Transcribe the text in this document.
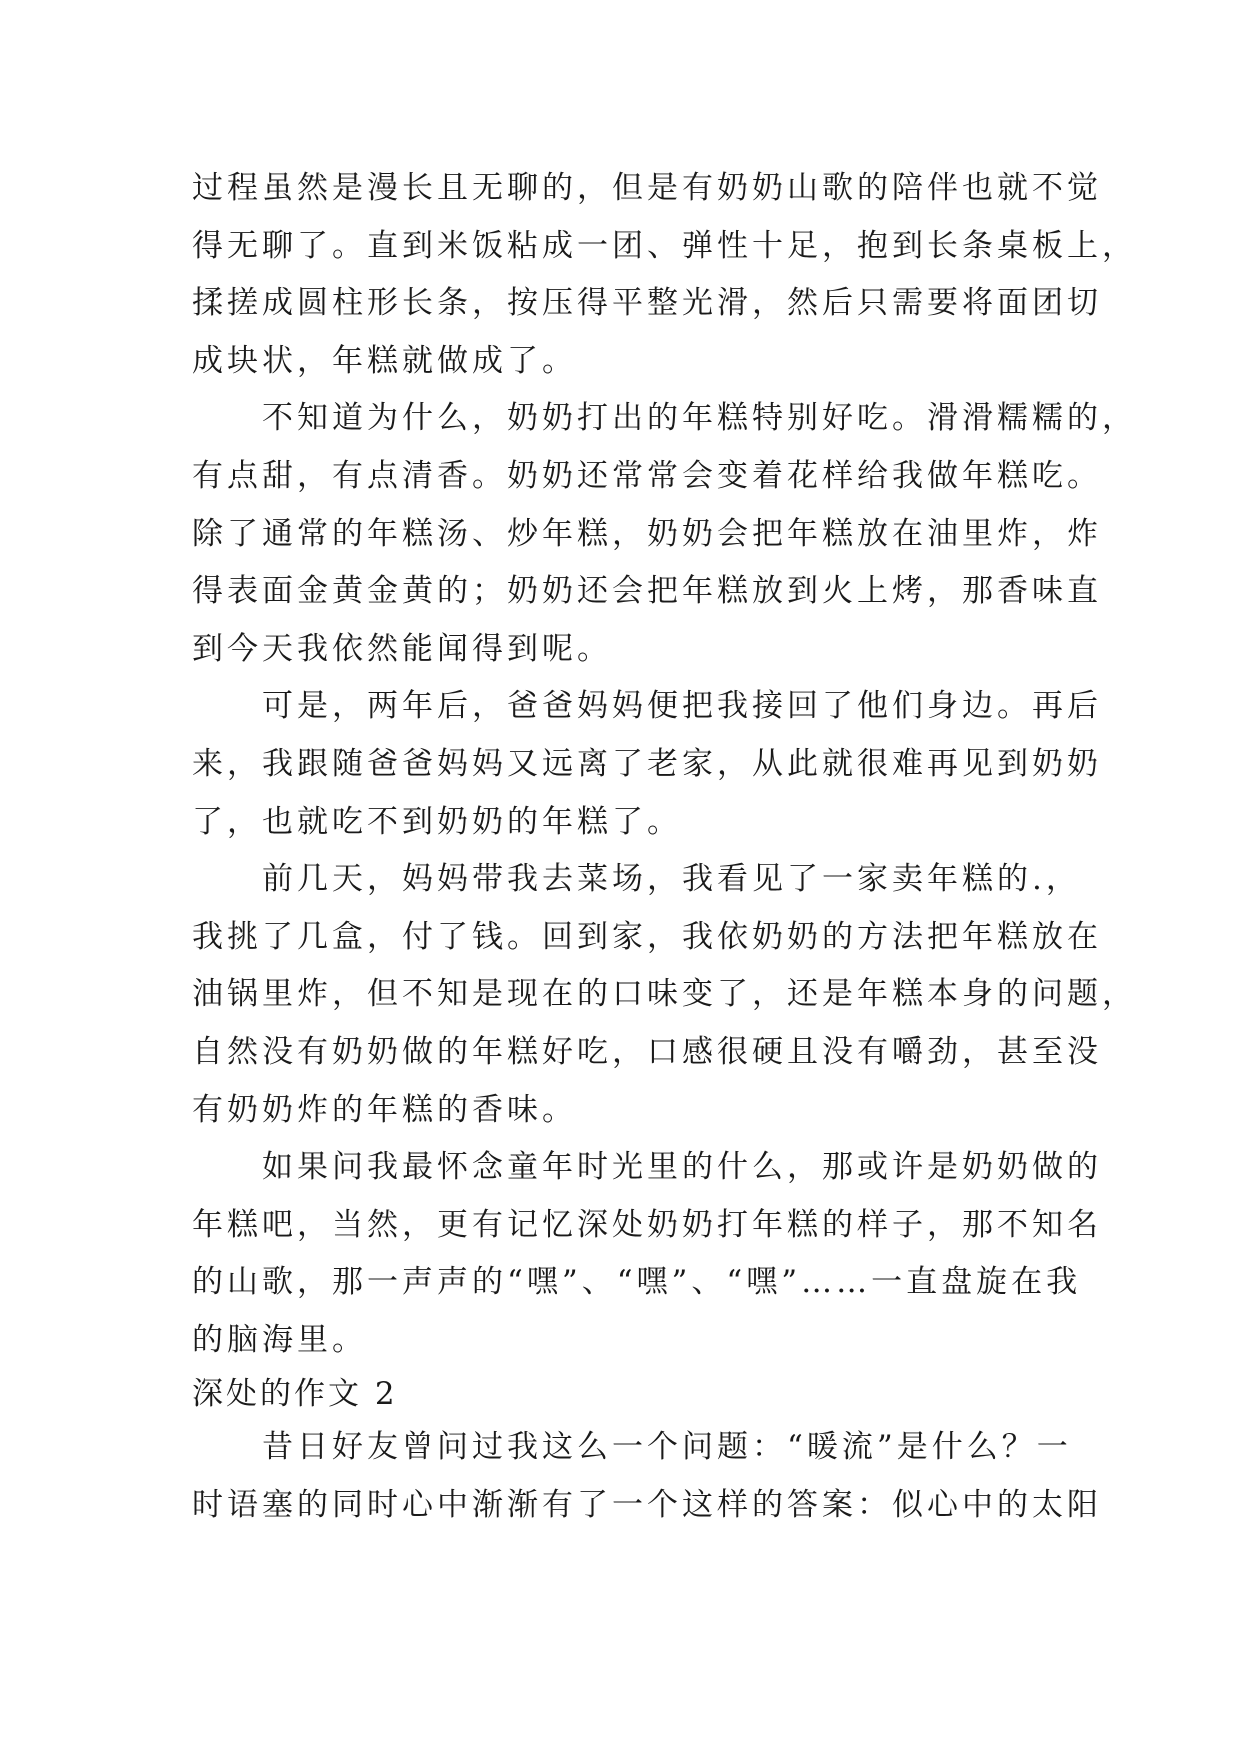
过程虽然是漫长且无聊的，但是有奶奶山歌的陪伴也就不觉
得无聊了。直到米饭粘成一团、弹性十足，抱到长条桌板上，
揉搓成圆柱形长条，按压得平整光滑，然后只需要将面团切
成块状，年糕就做成了。
不知道为什么，奶奶打出的年糕特别好吃。滑滑糯糯的，
有点甜，有点清香。奶奶还常常会变着花样给我做年糕吃。
除了通常的年糕汤、炒年糕，奶奶会把年糕放在油里炸，炸
得表面金黄金黄的；奶奶还会把年糕放到火上烤，那香味直
到今天我依然能闻得到呢。
可是，两年后，爸爸妈妈便把我接回了他们身边。再后
来，我跟随爸爸妈妈又远离了老家，从此就很难再见到奶奶
了，也就吃不到奶奶的年糕了。
前几天，妈妈带我去菜场，我看见了一家卖年糕的.，
我挑了几盒，付了钱。回到家，我依奶奶的方法把年糕放在
油锅里炸，但不知是现在的口味变了，还是年糕本身的问题，
自然没有奶奶做的年糕好吃，口感很硬且没有嚼劲，甚至没
有奶奶炸的年糕的香味。
如果问我最怀念童年时光里的什么，那或许是奶奶做的
年糕吧，当然，更有记忆深处奶奶打年糕的样子，那不知名
的山歌，那一声声的“嘿”、“嘿”、“嘿”……一直盘旋在我
的脑海里。
深处的作文 2
昔日好友曾问过我这么一个问题：“暖流”是什么？一
时语塞的同时心中渐渐有了一个这样的答案：似心中的太阳
